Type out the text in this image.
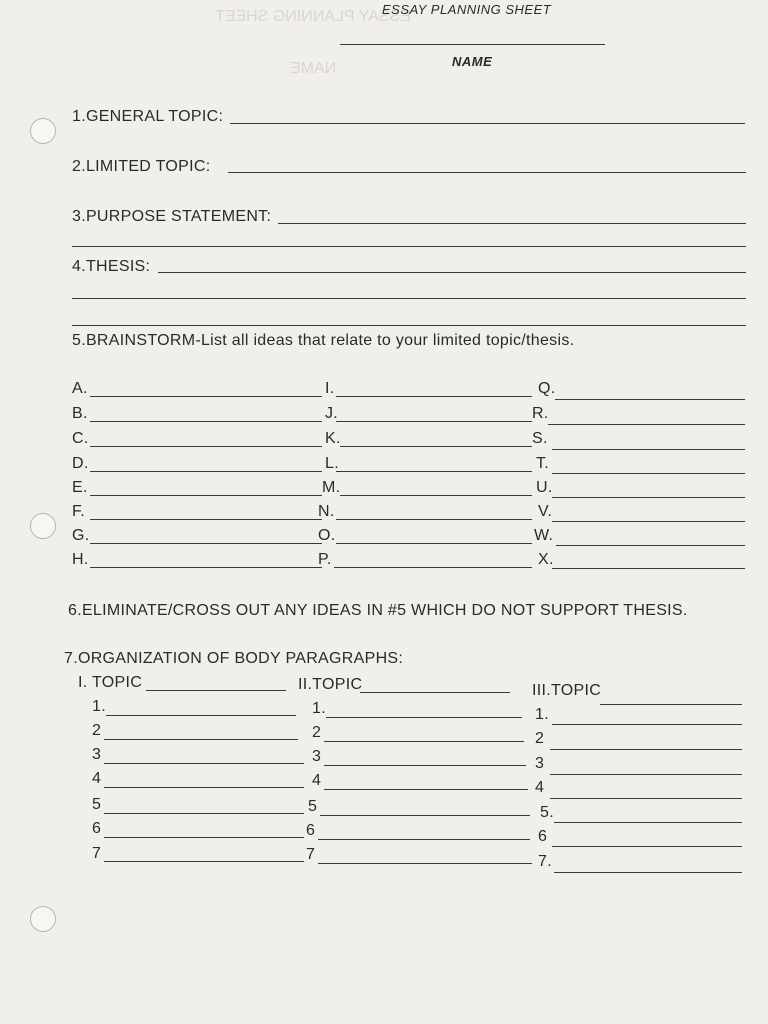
ESSAY PLANNING SHEET
NAME
ESSAY PLANNING SHEET
NAME
1.GENERAL TOPIC:
2.LIMITED TOPIC:
3.PURPOSE STATEMENT:
4.THESIS:
5.BRAINSTORM-List all ideas that relate to your limited topic/thesis.
A.
B.
C.
D.
E.
F.
G.
H.
I.
J.
K.
L.
M.
N.
O.
P.
Q.
R.
S.
T.
U.
V.
W.
X.
6.ELIMINATE/CROSS OUT ANY IDEAS IN #5 WHICH DO NOT SUPPORT THESIS.
7.ORGANIZATION OF BODY PARAGRAPHS:
I. TOPIC
1.
2
3
4
5
6
7
II.TOPIC
1.
2
3
4
5
6
7
III.TOPIC
1.
2
3
4
5.
6
7.
